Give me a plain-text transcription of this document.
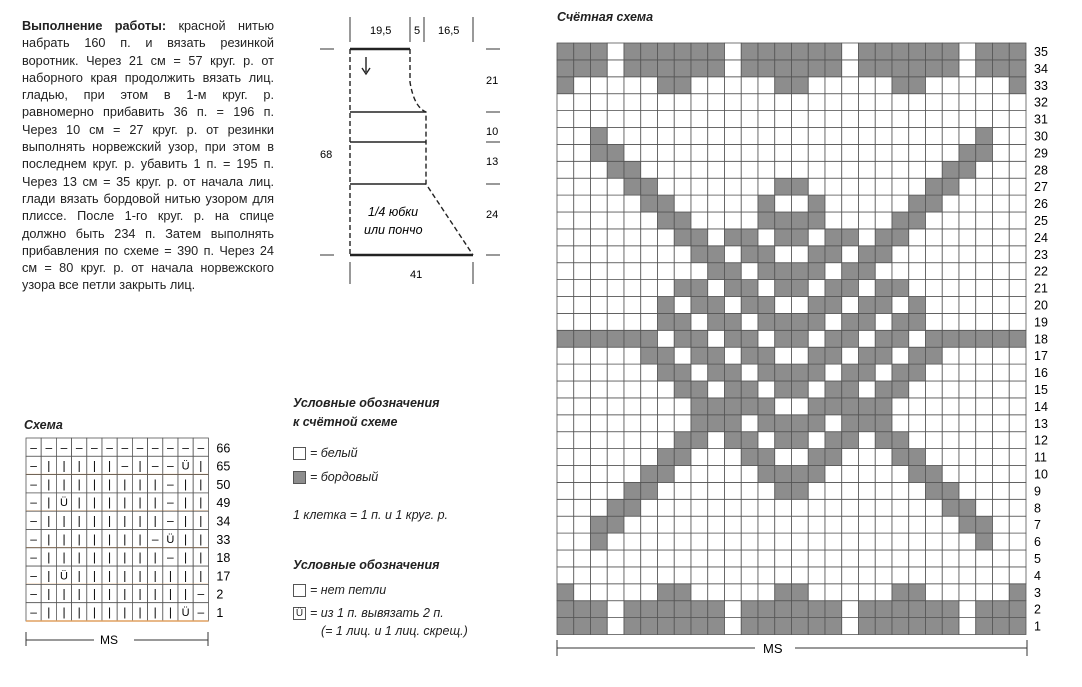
Выполнение работы: красной нитью набрать 160 п. и вязать резинкой воротник. Через 21 см = 57 круг. р. от наборного края продолжить вязать лиц. гладью, при этом в 1-м круг. р. равномерно прибавить 36 п. = 196 п. Через 10 см = 27 круг. р. от резинки выполнять норвежский узор, при этом в последнем круг. р. убавить 1 п. = 195 п. Через 13 см = 35 круг. р. от начала лиц. глади вязать бордовой нитью узором для плиссе. После 1-го круг. р. на спице должно быть 234 п. Затем выполнять прибавления по схеме = 390 п. Через 24 см = 80 круг. р. от начала норвежского узора все петли закрыть лиц.
19,5 5 16,5
21
10
13
24
68
41
1/4 юбки
или пончо
Схема
– – – – – – – – – – – –
– | | | | | – | – – Ü |
– | | | | | | | | – | |
– | Ü | | | | | | – | |
– | | | | | | | | – | |
– | | | | | | | – Ü | |
– | | | | | | | | – | |
– | Ü | | | | | | | | |
– | | | | | | | | | | –
– | | | | | | | | | Ü –
66
65
50
49
34
33
18
17
2
1
MS
Условные обозначения
к счётной схеме
= белый
= бордовый
1 клетка = 1 п. и 1 круг. р.
Условные обозначения
= нет петли
Ü = из 1 п. вывязать 2 п.
(= 1 лиц. и 1 лиц. скрещ.)
Счётная схема
1
2
3
4
5
6
7
8
9
10
11
12
13
14
15
16
17
18
19
20
21
22
23
24
25
26
27
28
29
30
31
32
33
34
35
MS
